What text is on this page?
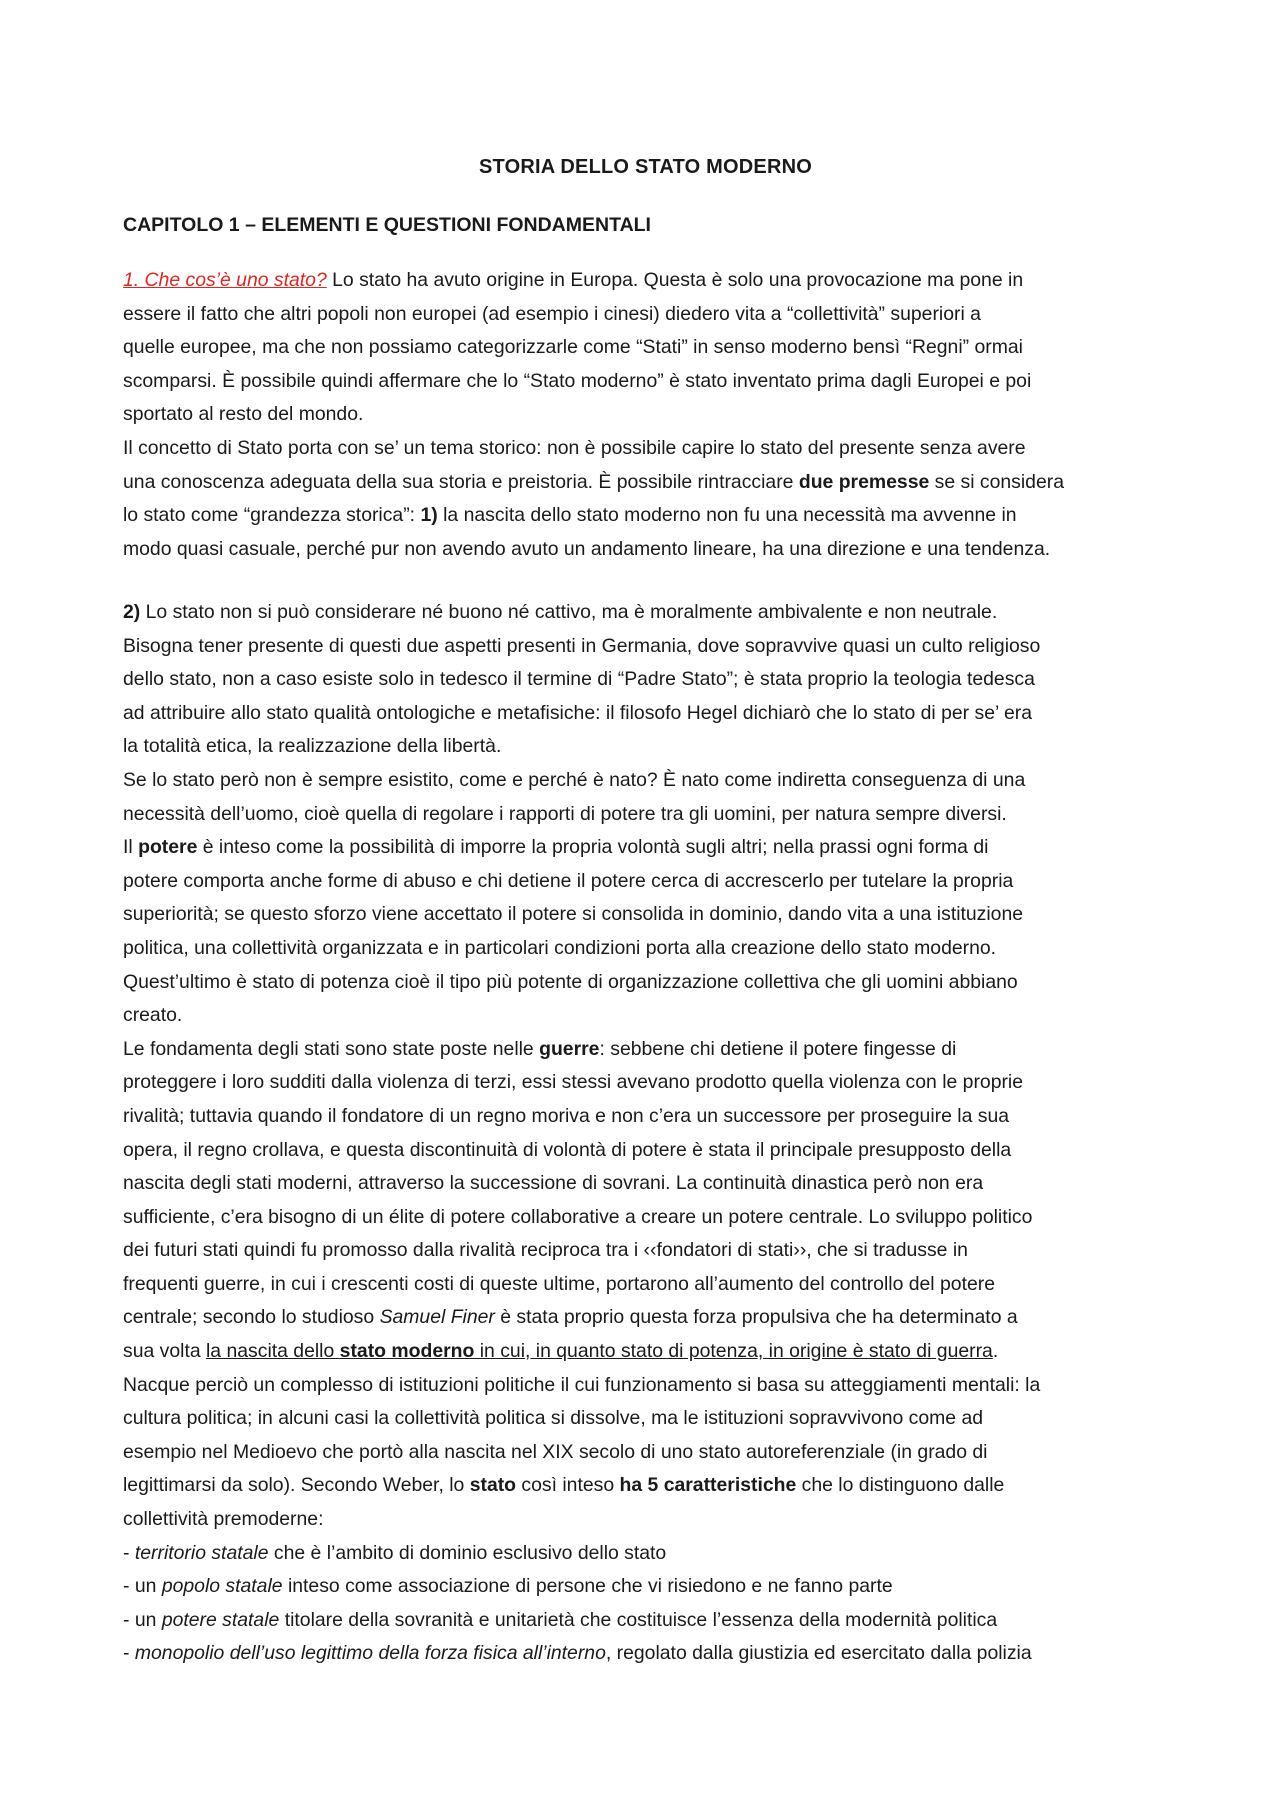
STORIA DELLO STATO MODERNO
CAPITOLO 1 – ELEMENTI E QUESTIONI FONDAMENTALI
1. Che cos’è uno stato? Lo stato ha avuto origine in Europa. Questa è solo una provocazione ma pone in
essere il fatto che altri popoli non europei (ad esempio i cinesi) diedero vita a “collettività” superiori a
quelle europee, ma che non possiamo categorizzarle come “Stati” in senso moderno bensì “Regni” ormai
scomparsi. È possibile quindi affermare che lo “Stato moderno” è stato inventato prima dagli Europei e poi
sportato al resto del mondo.
Il concetto di Stato porta con se’ un tema storico: non è possibile capire lo stato del presente senza avere
una conoscenza adeguata della sua storia e preistoria. È possibile rintracciare due premesse se si considera
lo stato come “grandezza storica”: 1) la nascita dello stato moderno non fu una necessità ma avvenne in
modo quasi casuale, perché pur non avendo avuto un andamento lineare, ha una direzione e una tendenza.
2) Lo stato non si può considerare né buono né cattivo, ma è moralmente ambivalente e non neutrale.
Bisogna tener presente di questi due aspetti presenti in Germania, dove sopravvive quasi un culto religioso
dello stato, non a caso esiste solo in tedesco il termine di “Padre Stato”; è stata proprio la teologia tedesca
ad attribuire allo stato qualità ontologiche e metafisiche: il filosofo Hegel dichiarò che lo stato di per se’ era
la totalità etica, la realizzazione della libertà.
Se lo stato però non è sempre esistito, come e perché è nato? È nato come indiretta conseguenza di una
necessità dell’uomo, cioè quella di regolare i rapporti di potere tra gli uomini, per natura sempre diversi.
Il potere è inteso come la possibilità di imporre la propria volontà sugli altri; nella prassi ogni forma di
potere comporta anche forme di abuso e chi detiene il potere cerca di accrescerlo per tutelare la propria
superiorità; se questo sforzo viene accettato il potere si consolida in dominio, dando vita a una istituzione
politica, una collettività organizzata e in particolari condizioni porta alla creazione dello stato moderno.
Quest’ultimo è stato di potenza cioè il tipo più potente di organizzazione collettiva che gli uomini abbiano
creato.
Le fondamenta degli stati sono state poste nelle guerre: sebbene chi detiene il potere fingesse di
proteggere i loro sudditi dalla violenza di terzi, essi stessi avevano prodotto quella violenza con le proprie
rivalità; tuttavia quando il fondatore di un regno moriva e non c’era un successore per proseguire la sua
opera, il regno crollava, e questa discontinuità di volontà di potere è stata il principale presupposto della
nascita degli stati moderni, attraverso la successione di sovrani. La continuità dinastica però non era
sufficiente, c’era bisogno di un élite di potere collaborative a creare un potere centrale. Lo sviluppo politico
dei futuri stati quindi fu promosso dalla rivalità reciproca tra i ‹‹fondatori di stati››, che si tradusse in
frequenti guerre, in cui i crescenti costi di queste ultime, portarono all’aumento del controllo del potere
centrale; secondo lo studioso Samuel Finer è stata proprio questa forza propulsiva che ha determinato a
sua volta la nascita dello stato moderno in cui, in quanto stato di potenza, in origine è stato di guerra.
Nacque perciò un complesso di istituzioni politiche il cui funzionamento si basa su atteggiamenti mentali: la
cultura politica; in alcuni casi la collettività politica si dissolve, ma le istituzioni sopravvivono come ad
esempio nel Medioevo che portò alla nascita nel XIX secolo di uno stato autoreferenziale (in grado di
legittimarsi da solo). Secondo Weber, lo stato così inteso ha 5 caratteristiche che lo distinguono dalle
collettività premoderne:
- territorio statale che è l’ambito di dominio esclusivo dello stato
- un popolo statale inteso come associazione di persone che vi risiedono e ne fanno parte
- un potere statale titolare della sovranità e unitarietà che costituisce l’essenza della modernità politica
- monopolio dell’uso legittimo della forza fisica all’interno, regolato dalla giustizia ed esercitato dalla polizia
